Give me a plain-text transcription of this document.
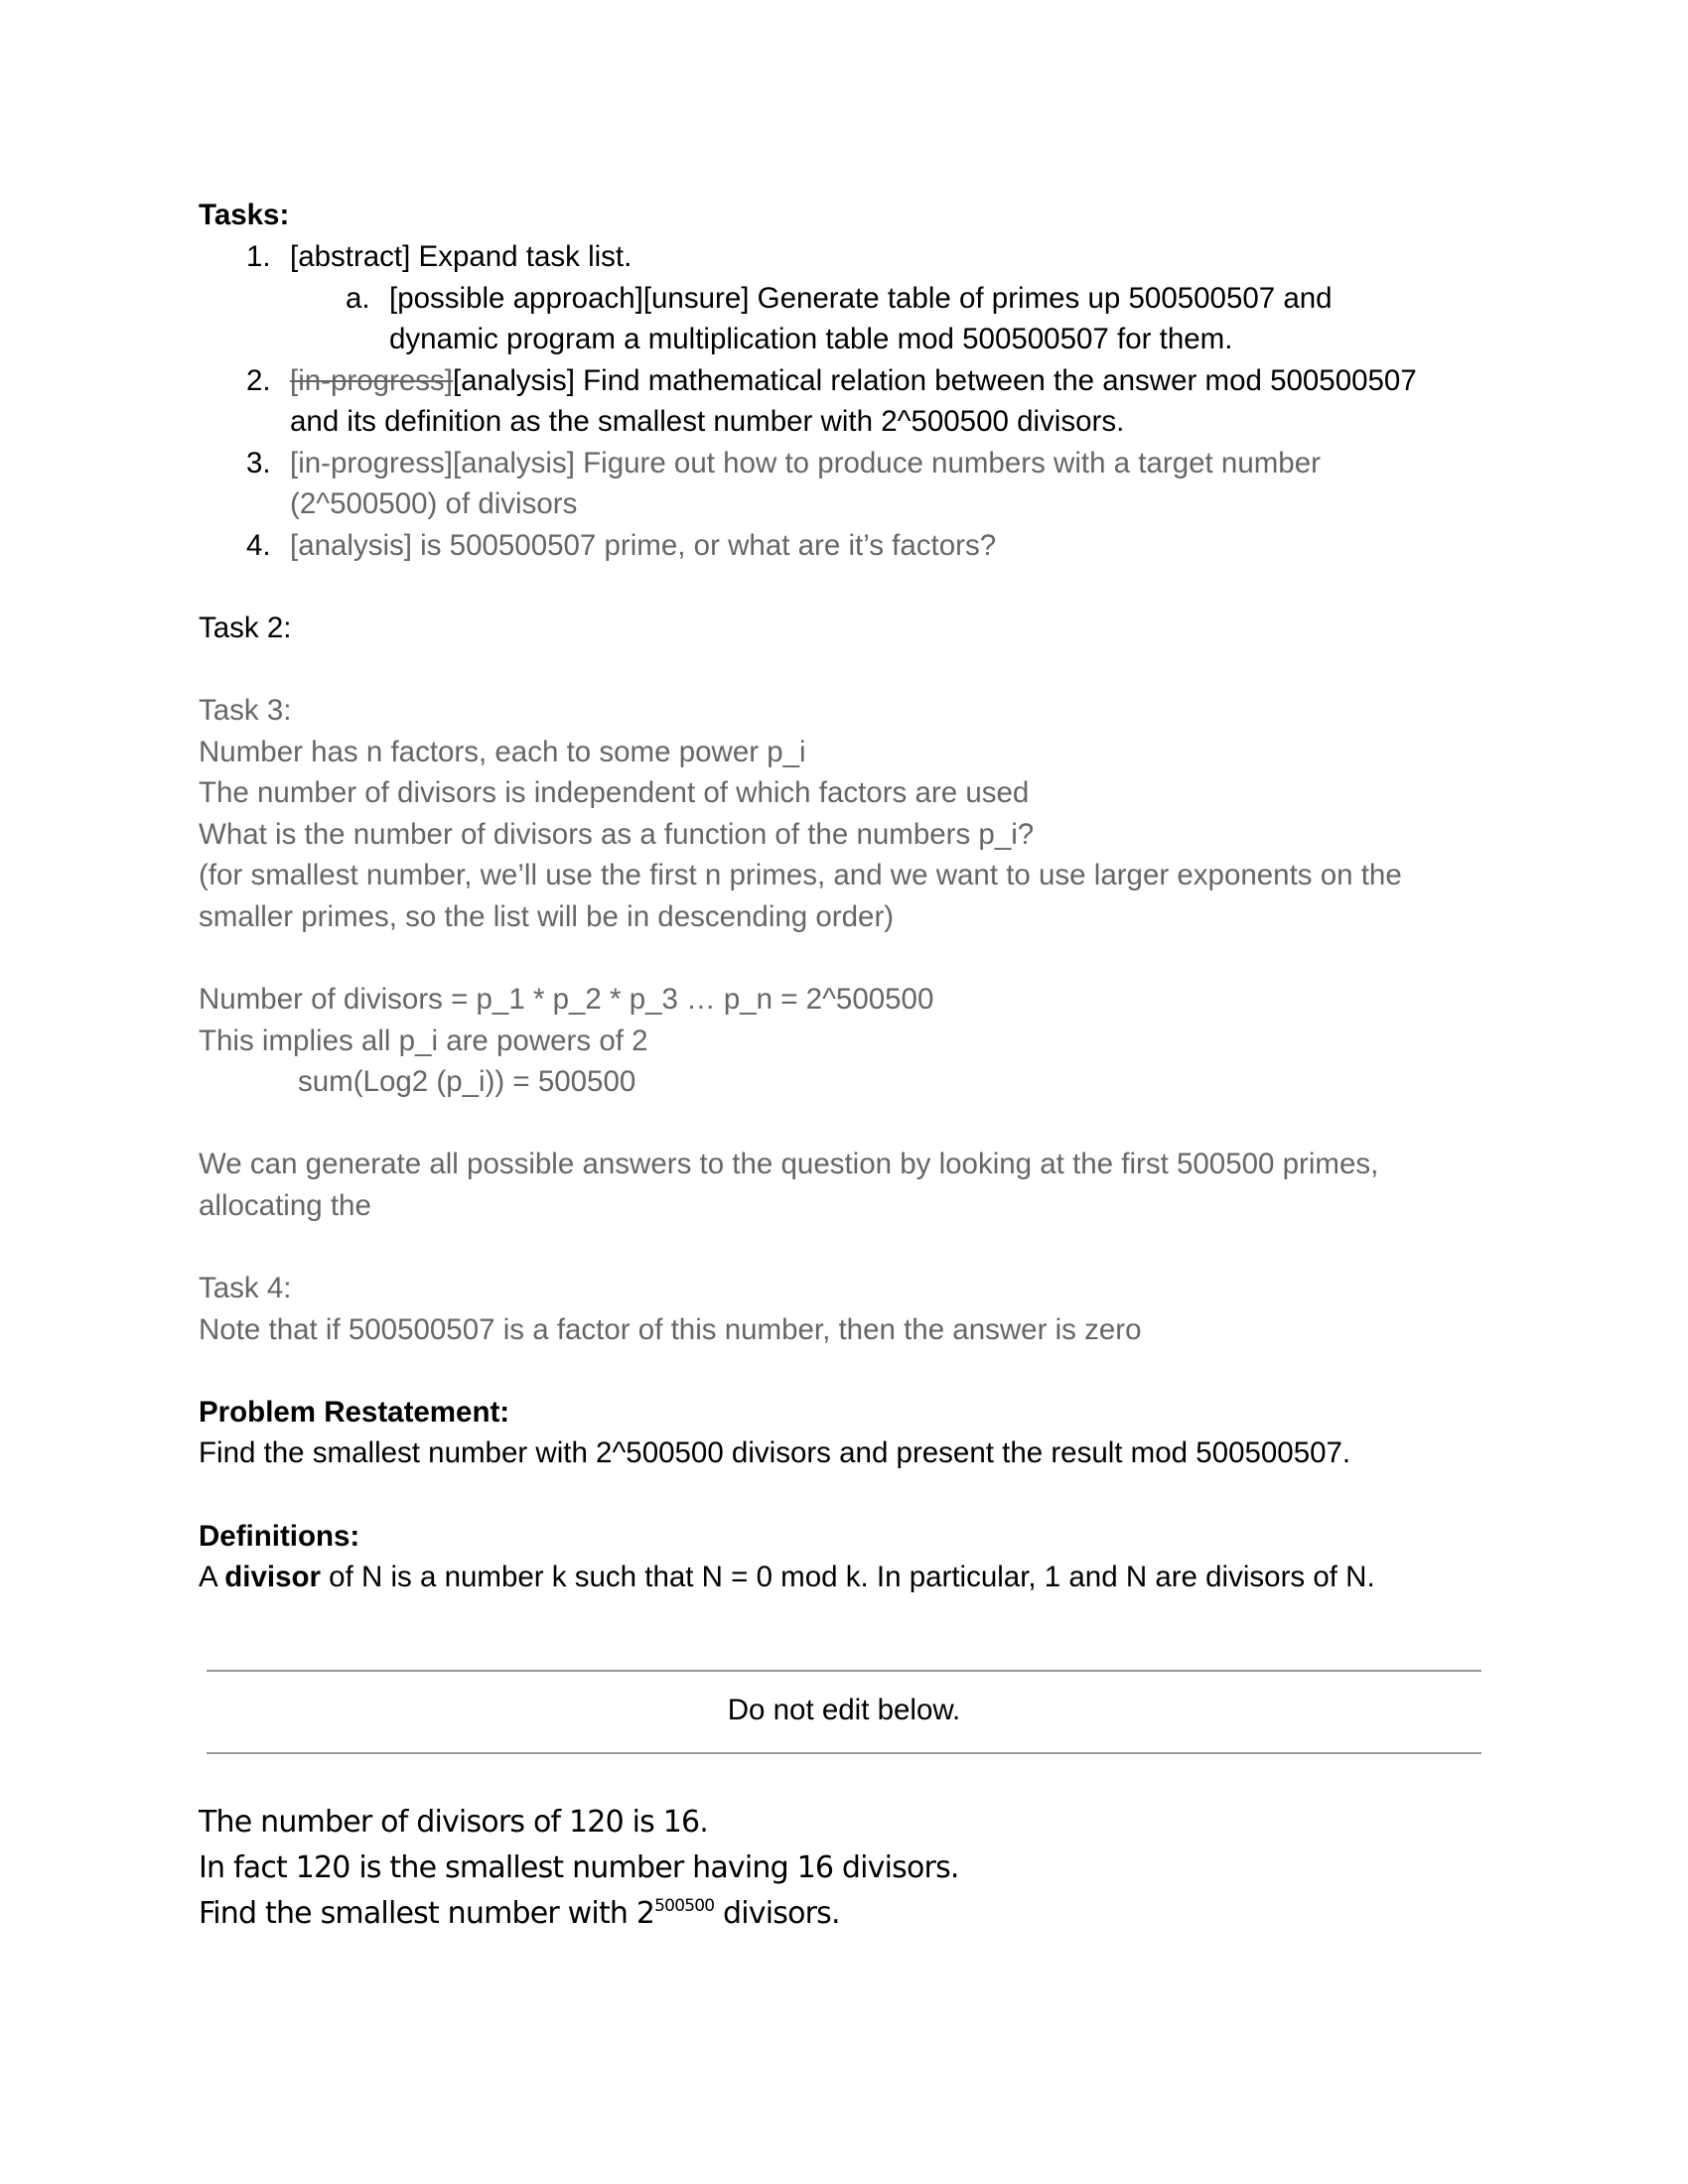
Tasks:
1. [abstract] Expand task list.
a. [possible approach][unsure] Generate table of primes up 500500507 and
dynamic program a multiplication table mod 500500507 for them.
2. [in-progress][analysis] Find mathematical relation between the answer mod 500500507
and its definition as the smallest number with 2^500500 divisors.
3. [in-progress][analysis] Figure out how to produce numbers with a target number
(2^500500) of divisors
4. [analysis] is 500500507 prime, or what are it’s factors?
Task 2:
Task 3:
Number has n factors, each to some power p_i
The number of divisors is independent of which factors are used
What is the number of divisors as a function of the numbers p_i?
(for smallest number, we’ll use the first n primes, and we want to use larger exponents on the
smaller primes, so the list will be in descending order)
Number of divisors = p_1 * p_2 * p_3 … p_n = 2^500500
This implies all p_i are powers of 2
sum(Log2 (p_i)) = 500500
We can generate all possible answers to the question by looking at the first 500500 primes,
allocating the
Task 4:
Note that if 500500507 is a factor of this number, then the answer is zero
Problem Restatement:
Find the smallest number with 2^500500 divisors and present the result mod 500500507.
Definitions:
A divisor of N is a number k such that N = 0 mod k. In particular, 1 and N are divisors of N.
Do not edit below.
The number of divisors of 120 is 16.
In fact 120 is the smallest number having 16 divisors.
Find the smallest number with $2^{500500}$ divisors.
